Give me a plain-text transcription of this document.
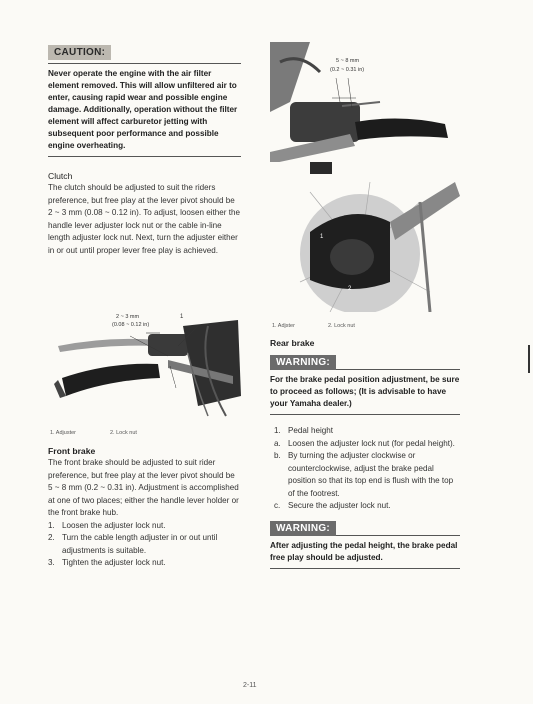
CAUTION:

Never operate the engine with the air filter element removed. This will allow unfiltered air to enter, causing rapid wear and possible engine damage. Additionally, operation without the filter element will affect carburetor jetting with subsequent poor performance and possible engine overheating.

Clutch

The clutch should be adjusted to suit the riders preference, but free play at the lever pivot should be 2 ~ 3 mm (0.08 ~ 0.12 in). To adjust, loosen either the handle lever adjuster lock nut or the cable in-line length adjuster lock nut. Next, turn the adjuster either in or out until proper lever free play is achieved.

2 ~ 3 mm
(0.08 ~ 0.12 in)
1
2
1. Adjuster	2. Lock nut
Front brake

The front brake should be adjusted to suit rider preference, but free play at the lever pivot should be 5 ~ 8 mm (0.2 ~ 0.31 in). Adjustment is accomplished at one of two places; either the handle lever holder or the front brake hub.

1. Loosen the adjuster lock nut.
2. Turn the cable length adjuster in or out until adjustments is suitable.
3. Tighten the adjuster lock nut.
5 ~ 8 mm
(0.2 ~ 0.31 in)
1
2
1. Adjster	2. Lock nut
Rear brake
WARNING:

For the brake pedal position adjustment, be sure to proceed as follows; (It is advisable to have your Yamaha dealer.)

1. Pedal height
a. Loosen the adjuster lock nut (for pedal height).
b. By turning the adjuster clockwise or counterclockwise, adjust the brake pedal position so that its top end is flush with the top of the footrest.
c. Secure the adjuster lock nut.
WARNING:

After adjusting the pedal height, the brake pedal free play should be adjusted.

2-11
